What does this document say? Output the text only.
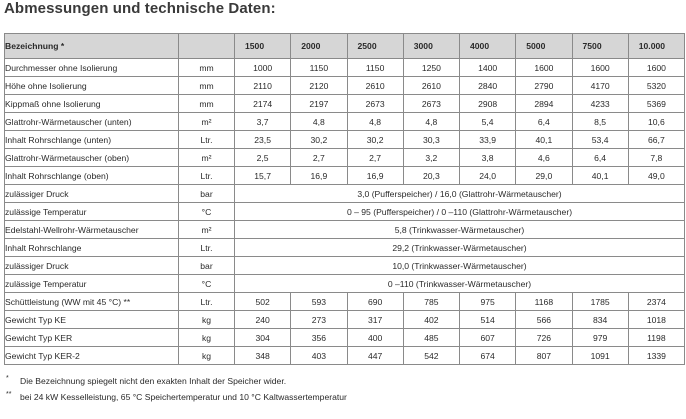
Abmessungen und technische Daten:
Bezeichnung *		1500	2000	2500	3000	4000	5000	7500	10.000
Durchmesser ohne Isolierung	mm	1000	1150	1150	1250	1400	1600	1600	1600
Höhe ohne Isolierung	mm	2110	2120	2610	2610	2840	2790	4170	5320
Kippmaß ohne Isolierung	mm	2174	2197	2673	2673	2908	2894	4233	5369
Glattrohr-Wärmetauscher (unten)	m²	3,7	4,8	4,8	4,8	5,4	6,4	8,5	10,6
Inhalt Rohrschlange (unten)	Ltr.	23,5	30,2	30,2	30,3	33,9	40,1	53,4	66,7
Glattrohr-Wärmetauscher (oben)	m²	2,5	2,7	2,7	3,2	3,8	4,6	6,4	7,8
Inhalt Rohrschlange (oben)	Ltr.	15,7	16,9	16,9	20,3	24,0	29,0	40,1	49,0
zulässiger Druck	bar	3,0 (Pufferspeicher) / 16,0 (Glattrohr-Wärmetauscher)							
zulässige Temperatur	°C	0 – 95 (Pufferspeicher) / 0 –110 (Glattrohr-Wärmetauscher)							
Edelstahl-Wellrohr-Wärmetauscher	m²	5,8 (Trinkwasser-Wärmetauscher)							
Inhalt Rohrschlange	Ltr.	29,2 (Trinkwasser-Wärmetauscher)							
zulässiger Druck	bar	10,0 (Trinkwasser-Wärmetauscher)							
zulässige Temperatur	°C	0 –110 (Trinkwasser-Wärmetauscher)							
Schüttleistung (WW mit 45 °C) **	Ltr.	502	593	690	785	975	1168	1785	2374
Gewicht Typ KE	kg	240	273	317	402	514	566	834	1018
Gewicht Typ KER	kg	304	356	400	485	607	726	979	1198
Gewicht Typ KER-2	kg	348	403	447	542	674	807	1091	1339
* Die Bezeichnung spiegelt nicht den exakten Inhalt der Speicher wider.
** bei 24 kW Kesselleistung, 65 °C Speichertemperatur und 10 °C Kaltwassertemperatur
